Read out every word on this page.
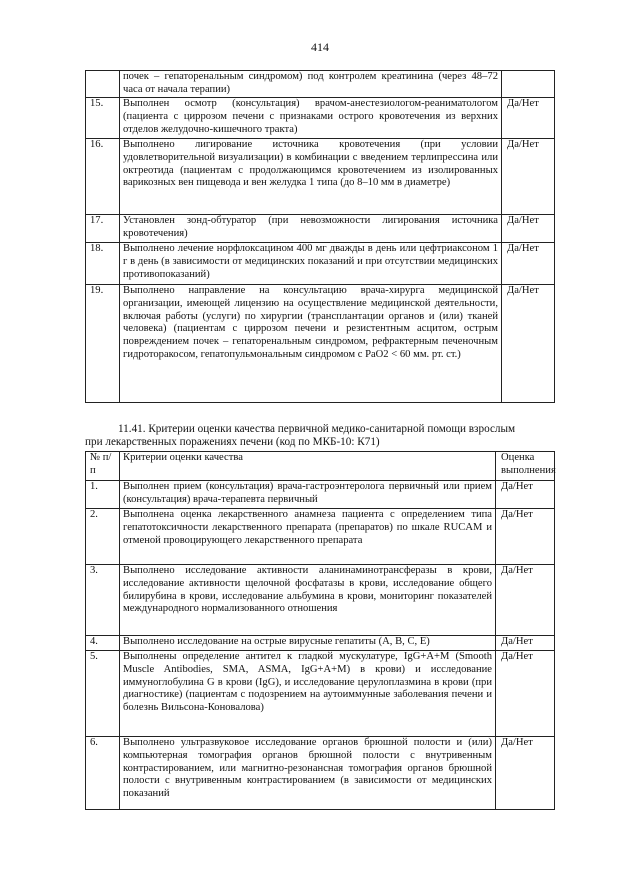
414
	почек – гепаторенальным синдромом) под контролем креатинина (через 48–72 часа от начала терапии)	
15.	Выполнен осмотр (консультация) врачом-анестезиологом-реаниматологом (пациента с циррозом печени с признаками острого кровотечения из верхних отделов желудочно-кишечного тракта)	Да/Нет
16.	Выполнено лигирование источника кровотечения (при условии удовлетворительной визуализации) в комбинации с введением терлипрессина или октреотида (пациентам с продолжающимся кровотечением из изолированных варикозных вен пищевода и вен желудка 1 типа (до 8–10 мм в диаметре)	Да/Нет
17.	Установлен зонд-обтуратор (при невозможности лигирования источника кровотечения)	Да/Нет
18.	Выполнено лечение норфлоксацином 400 мг дважды в день или цефтриаксоном 1 г в день (в зависимости от медицинских показаний и при отсутствии медицинских противопоказаний)	Да/Нет
19.	Выполнено направление на консультацию врача-хирурга медицинской организации, имеющей лицензию на осуществление медицинской деятельности, включая работы (услуги) по хирургии (трансплантации органов и (или) тканей человека) (пациентам с циррозом печени и резистентным асцитом, острым повреждением почек – гепаторенальным синдромом, рефрактерным печеночным гидроторакосом, гепатопульмональным синдромом с PaO2 < 60 мм. рт. ст.)	Да/Нет
11.41. Критерии оценки качества первичной медико-санитарной помощи взрослым
при лекарственных поражениях печени (код по МКБ-10: К71)
№ п/п	Критерии оценки качества	Оценка выполнения
1.	Выполнен прием (консультация) врача-гастроэнтеролога первичный или прием (консультация) врача-терапевта первичный	Да/Нет
2.	Выполнена оценка лекарственного анамнеза пациента с определением типа гепатотоксичности лекарственного препарата (препаратов) по шкале RUCAM и отменой провоцирующего лекарственного препарата	Да/Нет
3.	Выполнено исследование активности аланинаминотрансферазы в крови, исследование активности щелочной фосфатазы в крови, исследование общего билирубина в крови, исследование альбумина в крови, мониторинг показателей международного нормализованного отношения	Да/Нет
4.	Выполнено исследование на острые вирусные гепатиты (А, В, С, Е)	Да/Нет
5.	Выполнены определение антител к гладкой мускулатуре, IgG+A+M (Smooth Muscle Antibodies, SMA, ASMA, IgG+A+M) в крови) и исследование иммуноглобулина G в крови (IgG), и исследование церулоплазмина в крови (при диагностике) (пациентам с подозрением на аутоиммунные заболевания печени и болезнь Вильсона-Коновалова)	Да/Нет
6.	Выполнено ультразвуковое исследование органов брюшной полости и (или) компьютерная томография органов брюшной полости с внутривенным контрастированием, или магнитно-резонансная томография органов брюшной полости с внутривенным контрастированием (в зависимости от медицинских показаний	Да/Нет
